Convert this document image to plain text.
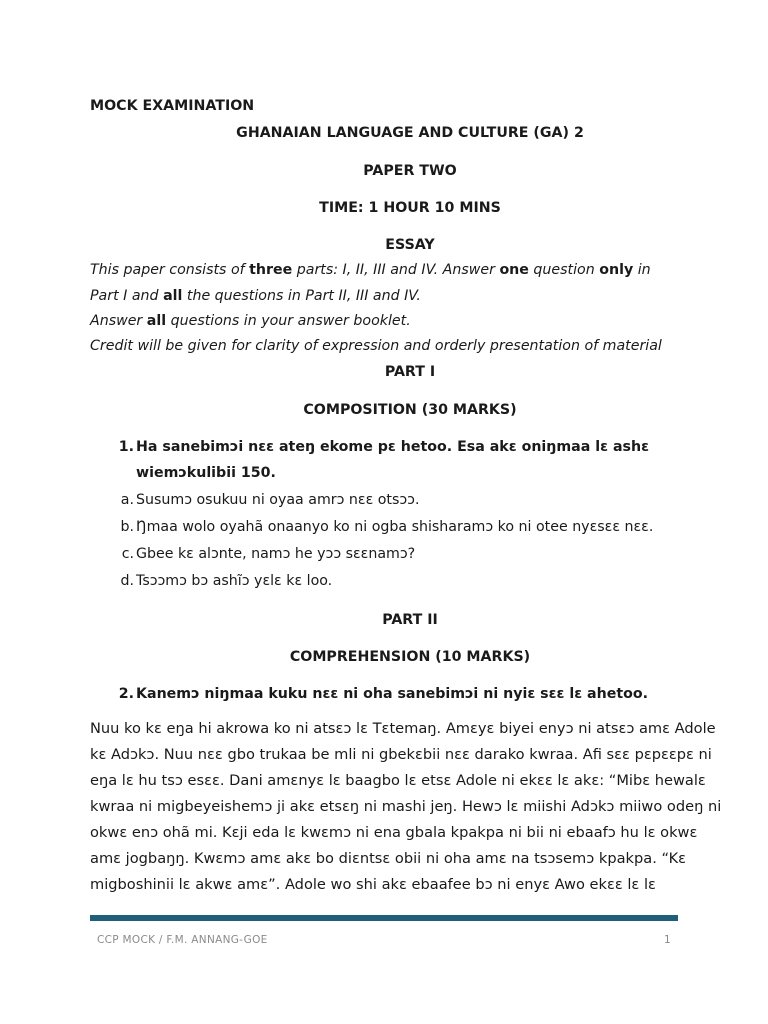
MOCK EXAMINATION
GHANAIAN LANGUAGE AND CULTURE (GA) 2
PAPER TWO
TIME: 1 HOUR 10 MINS
ESSAY
This paper consists of three parts: I, II, III and IV. Answer one question only in
Part I and all the questions in Part II, III and IV.
Answer all questions in your answer booklet.
Credit will be given for clarity of expression and orderly presentation of material
PART I
COMPOSITION (30 MARKS)
1. Ha sanebimɔi nɛɛ ateŋ ekome pɛ hetoo. Esa akɛ oniŋmaa lɛ ashɛ
wiemɔkulibii 150.
a. Susumɔ osukuu ni oyaa amrɔ nɛɛ otsɔɔ.
b. Ŋmaa wolo oyahã onaanyo ko ni ogba shisharamɔ ko ni otee nyɛsɛɛ nɛɛ.
c. Gbee kɛ alɔnte, namɔ he yɔɔ sɛɛnamɔ?
d. Tsɔɔmɔ bɔ ashĩɔ yɛlɛ kɛ loo.
PART II
COMPREHENSION (10 MARKS)
2. Kanemɔ niŋmaa kuku nɛɛ ni oha sanebimɔi ni nyiɛ sɛɛ lɛ ahetoo.
Nuu ko kɛ eŋa hi akrowa ko ni atsɛɔ lɛ Tɛtemaŋ. Amɛyɛ biyei enyɔ ni atsɛɔ amɛ Adole
kɛ Adɔkɔ. Nuu nɛɛ gbo trukaa be mli ni gbekɛbii nɛɛ darako kwraa. Afi sɛɛ pɛpɛɛpɛ ni
eŋa lɛ hu tsɔ esɛɛ. Dani amɛnyɛ lɛ baagbo lɛ etsɛ Adole ni ekɛɛ lɛ akɛ: “Mibɛ hewalɛ
kwraa ni migbeyeishemɔ ji akɛ etsɛŋ ni mashi jeŋ. Hewɔ lɛ miishi Adɔkɔ miiwo odeŋ ni
okwɛ enɔ ohã mi. Kɛji eda lɛ kwɛmɔ ni ena gbala kpakpa ni bii ni ebaafɔ hu lɛ okwɛ
amɛ jogbaŋŋ. Kwɛmɔ amɛ akɛ bo diɛntsɛ obii ni oha amɛ na tsɔsemɔ kpakpa. “Kɛ
migboshinii lɛ akwɛ amɛ”. Adole wo shi akɛ ebaafee bɔ ni enyɛ Awo ekɛɛ lɛ lɛ
CCP MOCK / F.M. ANNANG-GOE	1
